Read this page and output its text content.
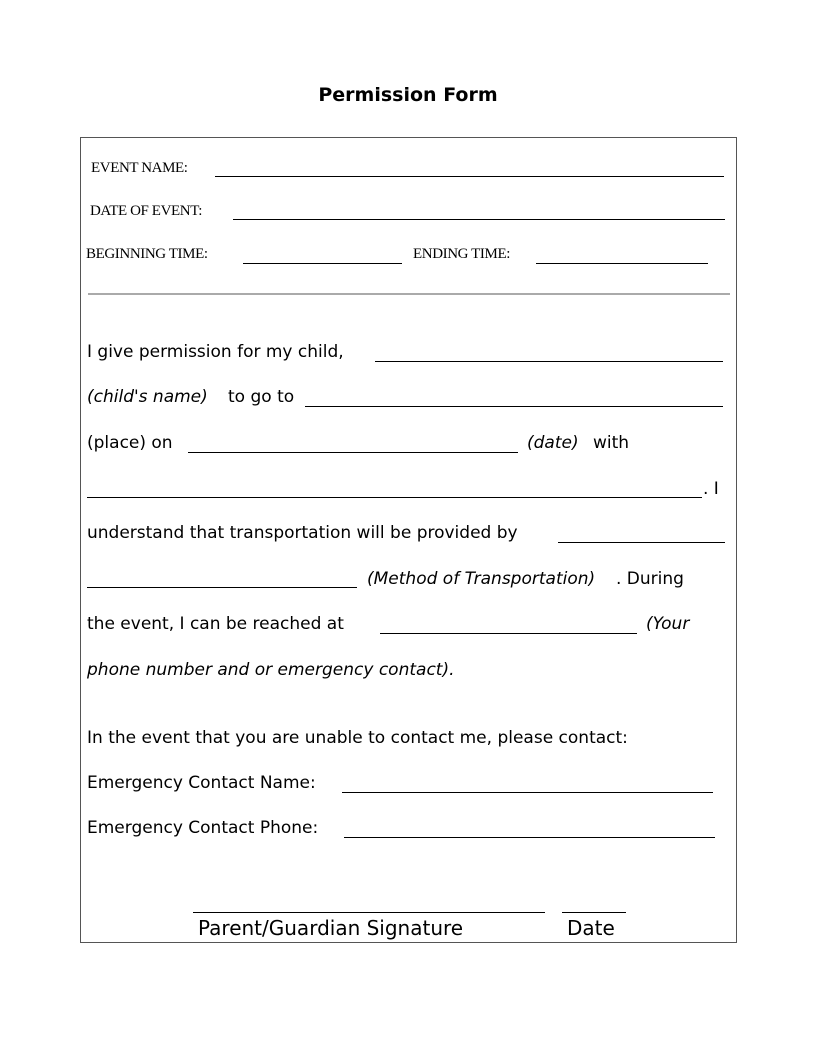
Permission Form
EVENT NAME:
DATE OF EVENT:
BEGINNING TIME:	ENDING TIME:
I give permission for my child,
(child's name) to go to
(place) on	(date) with
. I
understand that transportation will be provided by
(Method of Transportation) . During
the event, I can be reached at	(Your
phone number and or emergency contact).
In the event that you are unable to contact me, please contact:
Emergency Contact Name:
Emergency Contact Phone:
Parent/Guardian Signature	Date
